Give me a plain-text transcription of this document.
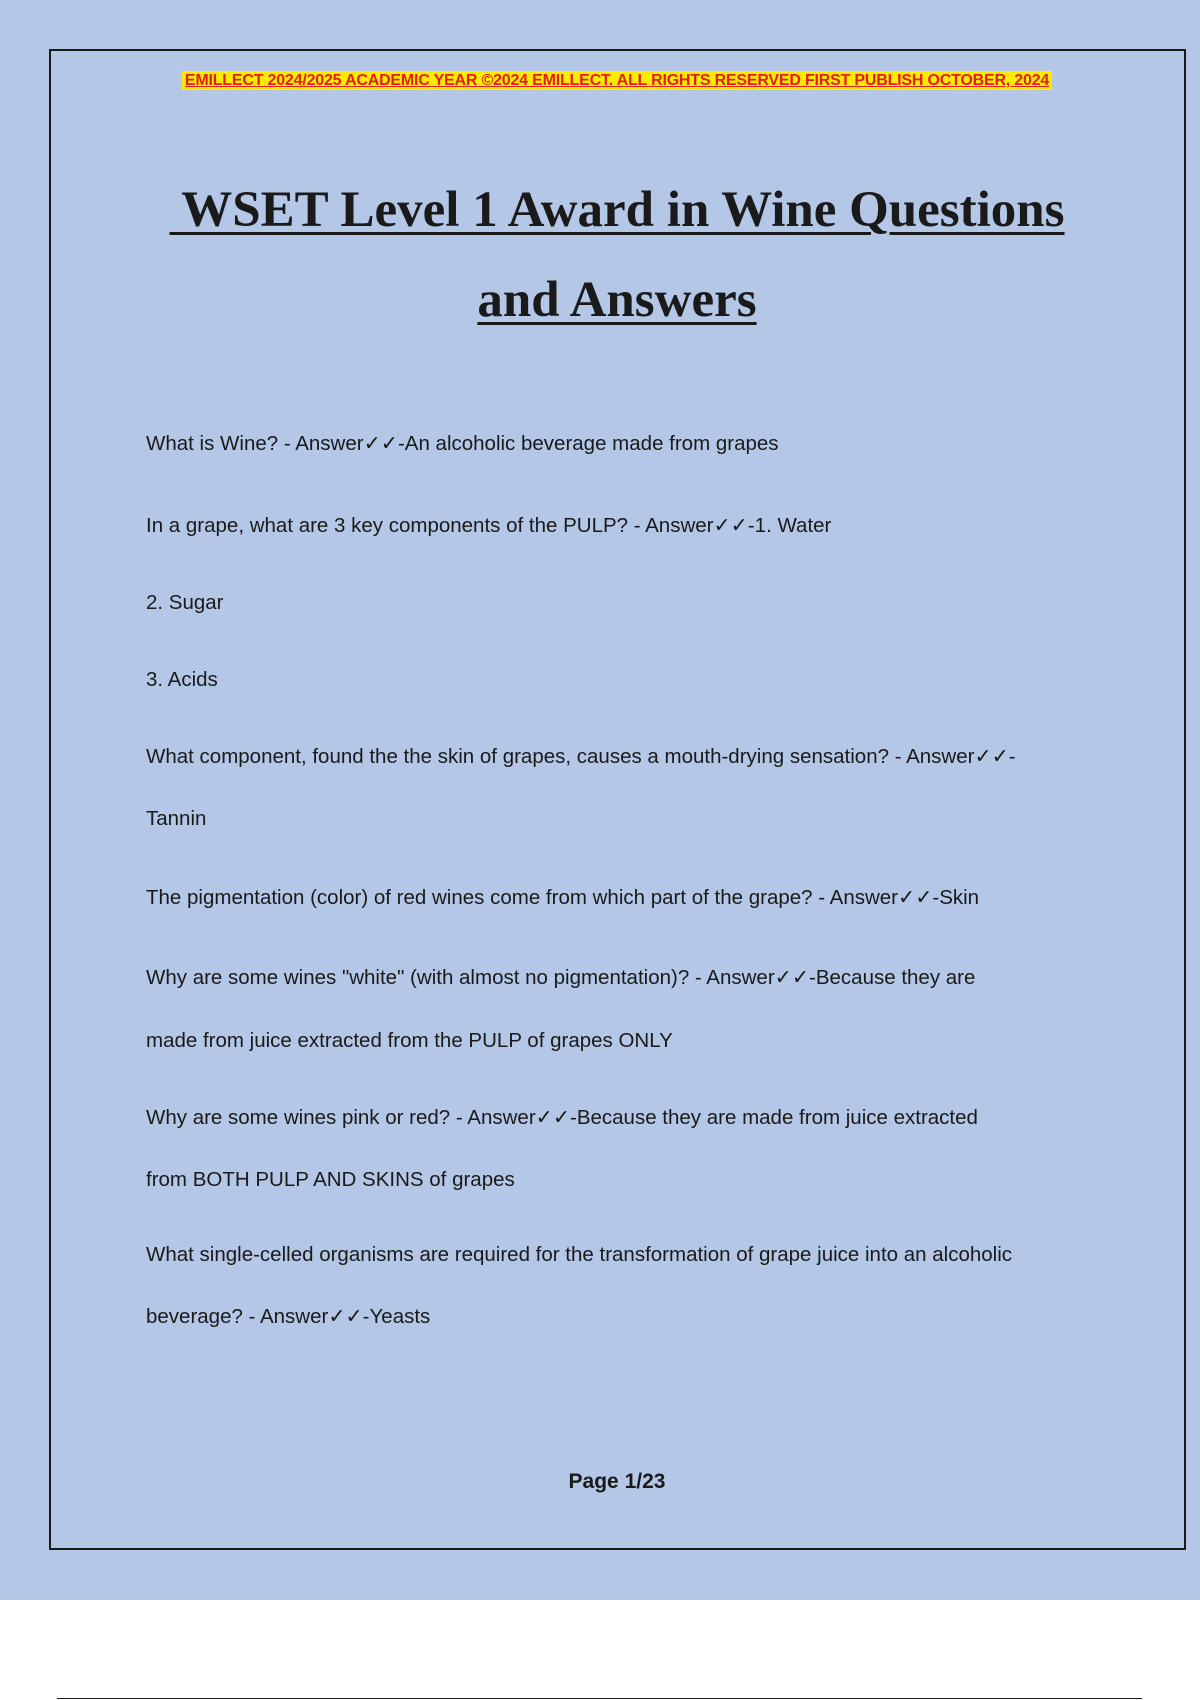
EMILLECT 2024/2025 ACADEMIC YEAR ©2024 EMILLECT. ALL RIGHTS RESERVED FIRST PUBLISH OCTOBER, 2024
WSET Level 1 Award in Wine Questions
and Answers
What is Wine? - Answer✓✓-An alcoholic beverage made from grapes
In a grape, what are 3 key components of the PULP? - Answer✓✓-1. Water
2. Sugar
3. Acids
What component, found the the skin of grapes, causes a mouth-drying sensation? - Answer✓✓-
Tannin
The pigmentation (color) of red wines come from which part of the grape? - Answer✓✓-Skin
Why are some wines "white" (with almost no pigmentation)? - Answer✓✓-Because they are
made from juice extracted from the PULP of grapes ONLY
Why are some wines pink or red? - Answer✓✓-Because they are made from juice extracted
from BOTH PULP AND SKINS of grapes
What single-celled organisms are required for the transformation of grape juice into an alcoholic
beverage? - Answer✓✓-Yeasts
Page 1/23
